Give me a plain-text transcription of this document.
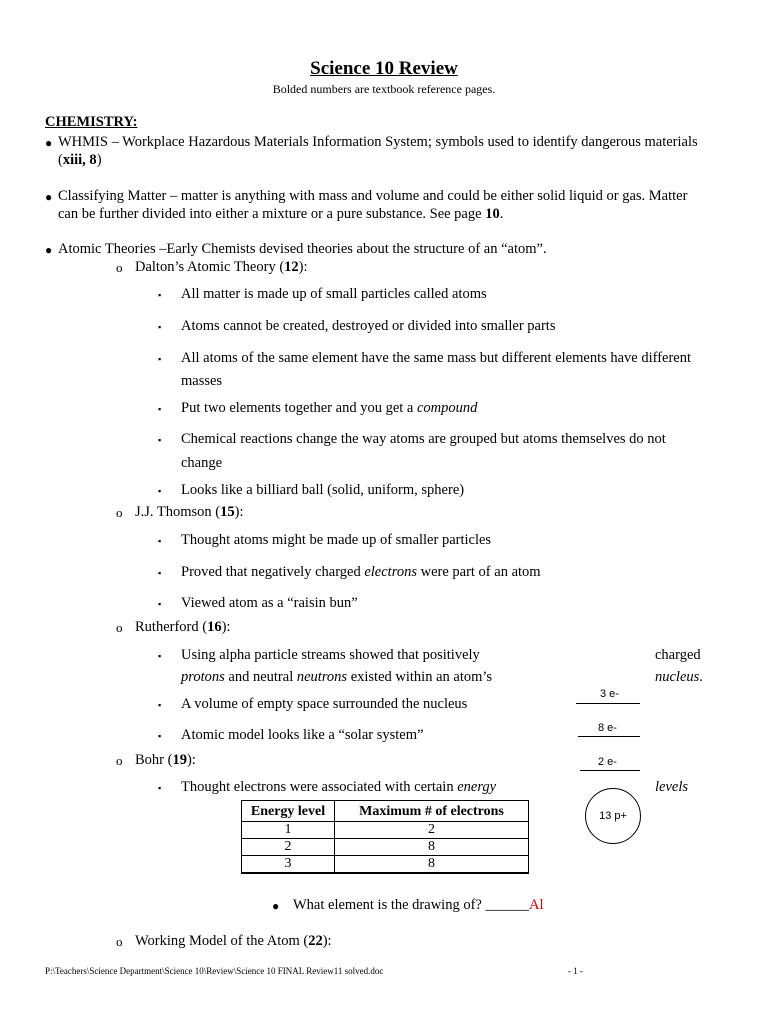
Science 10 Review
Bolded numbers are textbook reference pages.
CHEMISTRY:
● WHMIS – Workplace Hazardous Materials Information System; symbols used to identify dangerous materials
(xiii, 8)
● Classifying Matter – matter is anything with mass and volume and could be either solid liquid or gas. Matter
can be further divided into either a mixture or a pure substance. See page 10.
● Atomic Theories –Early Chemists devised theories about the structure of an “atom”.
o Dalton’s Atomic Theory (12):
▪ All matter is made up of small particles called atoms
▪ Atoms cannot be created, destroyed or divided into smaller parts
▪ All atoms of the same element have the same mass but different elements have different
masses
▪ Put two elements together and you get a compound
▪ Chemical reactions change the way atoms are grouped but atoms themselves do not
change
▪ Looks like a billiard ball (solid, uniform, sphere)
o J.J. Thomson (15):
▪ Thought atoms might be made up of smaller particles
▪ Proved that negatively charged electrons were part of an atom
▪ Viewed atom as a “raisin bun”
o Rutherford (16):
▪ Using alpha particle streams showed that positively	charged
protons and neutral neutrons existed within an atom’s	nucleus.
▪ A volume of empty space surrounded the nucleus
▪ Atomic model looks like a “solar system”
o Bohr (19):
▪ Thought electrons were associated with certain energy	levels
Energy level	Maximum # of electrons
1	2
2	8
3	8
● What element is the drawing of? ______Al
o Working Model of the Atom (22):
3 e-
8 e-
2 e-
13 p+
P:\Teachers\Science Department\Science 10\Review\Science 10 FINAL Review11 solved.doc	- 1 -
